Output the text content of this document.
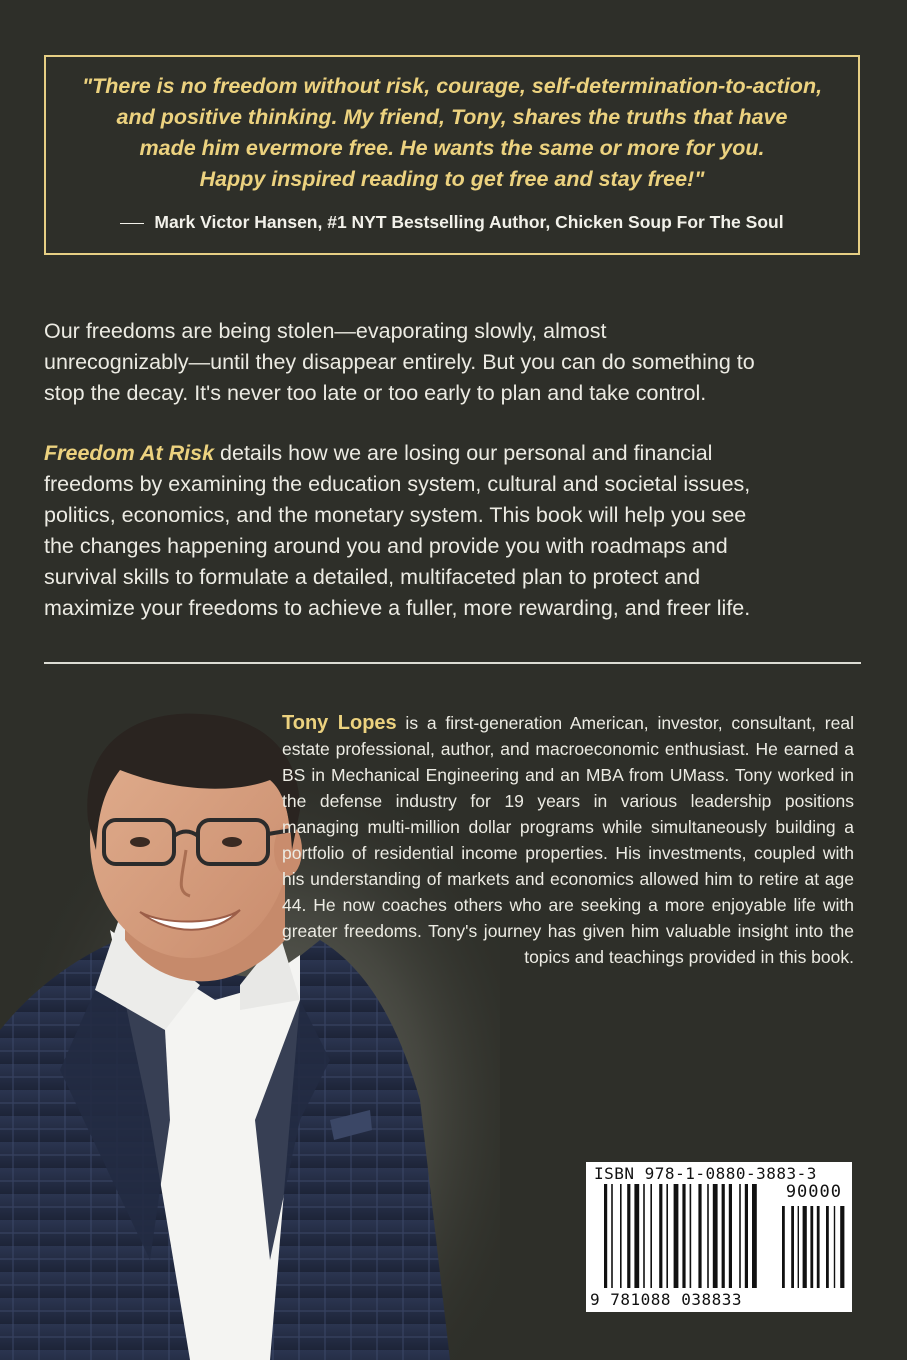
"There is no freedom without risk, courage, self-determination-to-action,
and positive thinking. My friend, Tony, shares the truths that have
made him evermore free. He wants the same or more for you.
Happy inspired reading to get free and stay free!"
Mark Victor Hansen, #1 NYT Bestselling Author, Chicken Soup For The Soul
Our freedoms are being stolen—evaporating slowly, almost
unrecognizably—until they disappear entirely. But you can do something to
stop the decay. It's never too late or too early to plan and take control.
Freedom At Risk details how we are losing our personal and financial
freedoms by examining the education system, cultural and societal issues,
politics, economics, and the monetary system. This book will help you see
the changes happening around you and provide you with roadmaps and
survival skills to formulate a detailed, multifaceted plan to protect and
maximize your freedoms to achieve a fuller, more rewarding, and freer life.

Tony Lopes is a first-generation American, investor, consultant, real estate professional, author, and macroeconomic enthusiast. He earned a BS in Mechanical Engineering and an MBA from UMass. Tony worked in the defense industry for 19 years in various leadership positions managing multi-million dollar programs while simultaneously building a portfolio of residential income properties. His investments, coupled with his understanding of markets and economics allowed him to retire at age 44. He now coaches others who are seeking a more enjoyable life with greater freedoms. Tony's journey has given him valuable insight into the topics and teachings provided in this book.

ISBN 978-1-0880-3883-3
90000
9 781088 038833
